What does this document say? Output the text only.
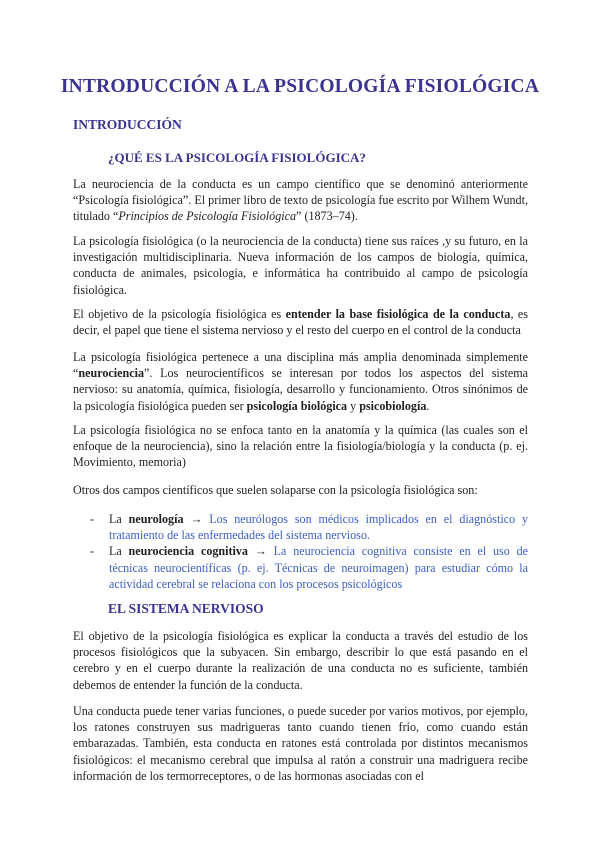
INTRODUCCIÓN A LA PSICOLOGÍA FISIOLÓGICA
INTRODUCCIÓN
¿QUÉ ES LA PSICOLOGÍA FISIOLÓGICA?

La neurociencia de la conducta es un campo científico que se denominó anteriormente “Psicología fisiológica”. El primer libro de texto de psicología fue escrito por Wilhem Wundt, titulado “Principios de Psicología Fisiológica” (1873–74).

La psicología fisiológica (o la neurociencia de la conducta) tiene sus raíces ,y su futuro, en la investigación multidisciplinaria. Nueva información de los campos de biología, química, conducta de animales, psicología, e informática ha contribuido al campo de psicología fisiológica.

El objetivo de la psicología fisiológica es entender la base fisiológica de la conducta, es decir, el papel que tiene el sistema nervioso y el resto del cuerpo en el control de la conducta

La psicología fisiológica pertenece a una disciplina más amplia denominada simplemente “neurociencia”. Los neurocientíficos se interesan por todos los aspectos del sistema nervioso: su anatomía, química, fisiología, desarrollo y funcionamiento. Otros sinónimos de la psicología fisiológica pueden ser psicología biológica y psicobiología.

La psicología fisiológica no se enfoca tanto en la anatomía y la química (las cuales son el enfoque de la neurociencia), sino la relación entre la fisiología/biología y la conducta (p. ej. Movimiento, memoria)

Otros dos campos científicos que suelen solaparse con la psicología fisiológica son:

- La neurología → Los neurólogos son médicos implicados en el diagnóstico y tratamiento de las enfermedades del sistema nervioso.
- La neurociencia cognitiva → La neurociencia cognitiva consiste en el uso de técnicas neurocientíficas (p. ej. Técnicas de neuroimagen) para estudiar cómo la actividad cerebral se relaciona con los procesos psicológicos
EL SISTEMA NERVIOSO

El objetivo de la psicología fisiológica es explicar la conducta a través del estudio de los procesos fisiológicos que la subyacen. Sin embargo, describir lo que está pasando en el cerebro y en el cuerpo durante la realización de una conducta no es suficiente, también debemos de entender la función de la conducta.

Una conducta puede tener varias funciones, o puede suceder por varios motivos, por ejemplo, los ratones construyen sus madrigueras tanto cuando tienen frío, como cuando están embarazadas. También, esta conducta en ratones está controlada por distintos mecanismos fisiológicos: el mecanismo cerebral que impulsa al ratón a construir una madriguera recibe información de los termorreceptores, o de las hormonas asociadas con el
